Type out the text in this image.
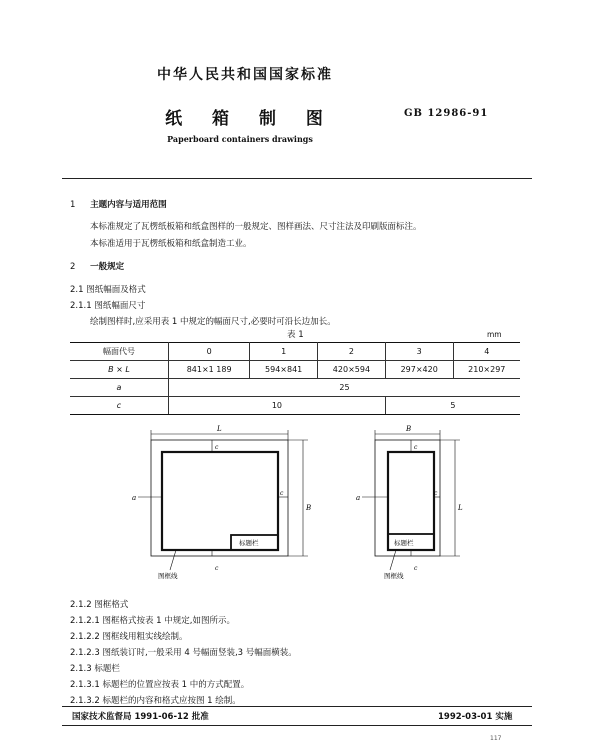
中华人民共和国国家标准
纸 箱 制 图	GB 12986-91
Paperboard containers drawings
1 主题内容与适用范围
本标准规定了瓦楞纸板箱和纸盒图样的一般规定、图样画法、尺寸注法及印刷版面标注。
本标准适用于瓦楞纸板箱和纸盒制造工业。
2 一般规定
2.1 图纸幅面及格式
2.1.1 图纸幅面尺寸
绘制图样时,应采用表 1 中规定的幅面尺寸,必要时可沿长边加长。
表 1	mm
幅面代号	0	1	2	3	4
B × L	841×1 189	594×841	420×594	297×420	210×297
a	25				
c	10			5	
L
B
a
c
c
c
标题栏
图框线
B
L
a
c
c
c
标题栏
图框线
2.1.2 图框格式
2.1.2.1 图框格式按表 1 中规定,如图所示。
2.1.2.2 图框线用粗实线绘制。
2.1.2.3 图纸装订时,一般采用 4 号幅面竖装,3 号幅面横装。
2.1.3 标题栏
2.1.3.1 标题栏的位置应按表 1 中的方式配置。
2.1.3.2 标题栏的内容和格式应按图 1 绘制。
国家技术监督局 1991-06-12 批准	1992-03-01 实施
117
